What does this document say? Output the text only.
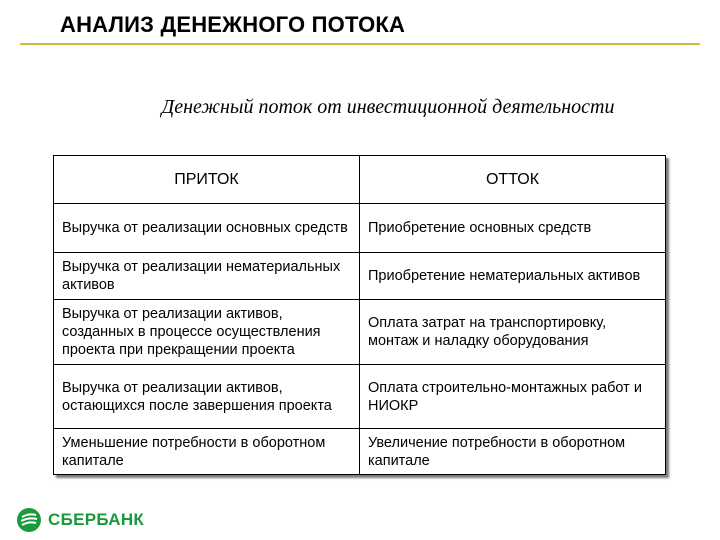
АНАЛИЗ ДЕНЕЖНОГО ПОТОКА
Денежный поток от инвестиционной деятельности
ПРИТОК	ОТТОК
Выручка от реализации основных средств	Приобретение основных средств
Выручка от реализации нематериальных активов
Приобретение нематериальных активов
Выручка от реализации активов, созданных в процессе осуществления проекта при прекращении проекта
Оплата затрат на транспортировку, монтаж и наладку оборудования
Выручка от реализации активов, остающихся после завершения проекта
Оплата строительно-монтажных работ и НИОКР
Уменьшение потребности в оборотном капитале
Увеличение потребности в оборотном капитале
СБЕРБАНК
